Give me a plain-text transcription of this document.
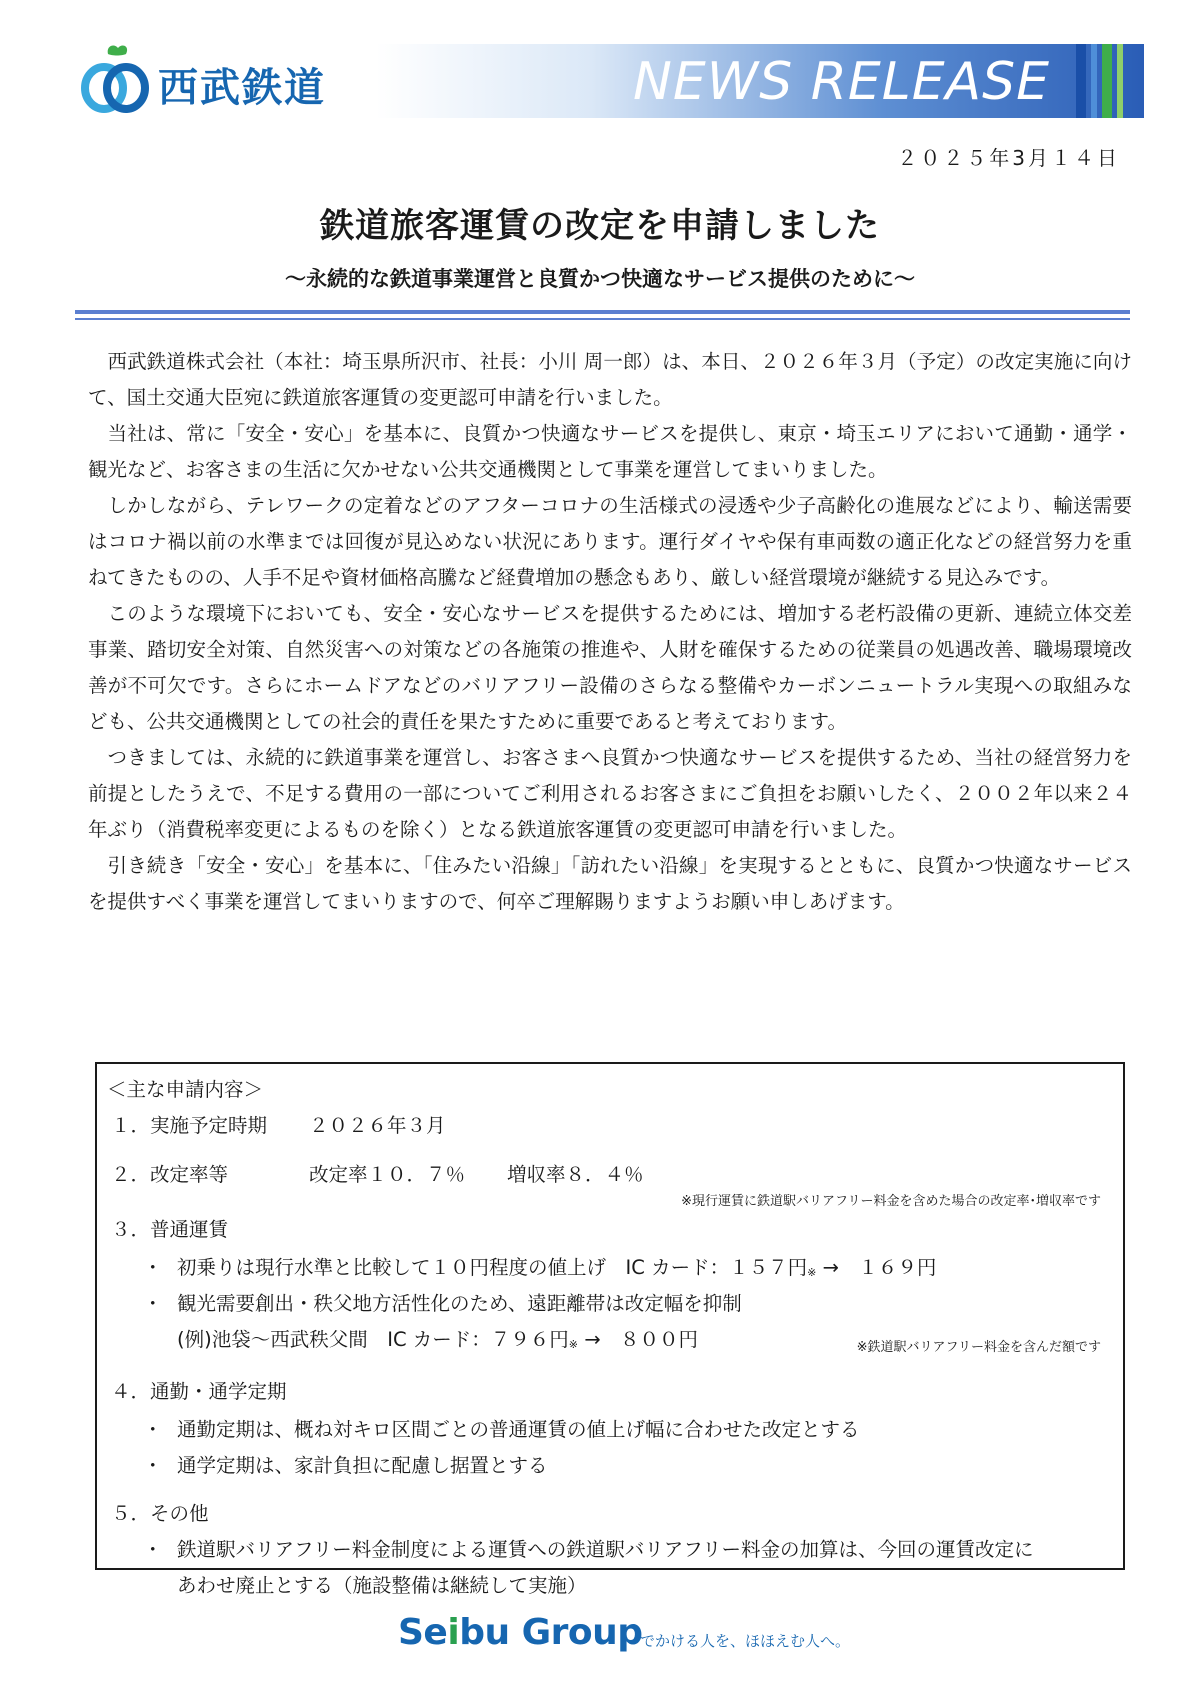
西武鉄道	NEWS RELEASE
２０２５年3月１４日
鉄道旅客運賃の改定を申請しました
～永続的な鉄道事業運営と良質かつ快適なサービス提供のために～

西武鉄道株式会社（本社：埼玉県所沢市、社長：小川 周一郎）は、本日、２０２６年３月（予定）の改定実施に向けて、国土交通大臣宛に鉄道旅客運賃の変更認可申請を行いました。

当社は、常に「安全・安心」を基本に、良質かつ快適なサービスを提供し、東京・埼玉エリアにおいて通勤・通学・観光など、お客さまの生活に欠かせない公共交通機関として事業を運営してまいりました。

しかしながら、テレワークの定着などのアフターコロナの生活様式の浸透や少子高齢化の進展などにより、輸送需要はコロナ禍以前の水準までは回復が見込めない状況にあります。運行ダイヤや保有車両数の適正化などの経営努力を重ねてきたものの、人手不足や資材価格高騰など経費増加の懸念もあり、厳しい経営環境が継続する見込みです。

このような環境下においても、安全・安心なサービスを提供するためには、増加する老朽設備の更新、連続立体交差事業、踏切安全対策、自然災害への対策などの各施策の推進や、人財を確保するための従業員の処遇改善、職場環境改善が不可欠です。さらにホームドアなどのバリアフリー設備のさらなる整備やカーボンニュートラル実現への取組みなども、公共交通機関としての社会的責任を果たすために重要であると考えております。

つきましては、永続的に鉄道事業を運営し、お客さまへ良質かつ快適なサービスを提供するため、当社の経営努力を前提としたうえで、不足する費用の一部についてご利用されるお客さまにご負担をお願いしたく、２００２年以来２４年ぶり（消費税率変更によるものを除く）となる鉄道旅客運賃の変更認可申請を行いました。

引き続き「安全・安心」を基本に、「住みたい沿線」「訪れたい沿線」を実現するとともに、良質かつ快適なサービスを提供すべく事業を運営してまいりますので、何卒ご理解賜りますようお願い申しあげます。

＜主な申請内容＞
１．実施予定時期 ２０２６年３月
２．改定率等	改定率１０．７％ 増収率８．４％
※現行運賃に鉄道駅バリアフリー料金を含めた場合の改定率･増収率です
３．普通運賃
・ 初乗りは現行水準と比較して１０円程度の値上げ　IC カード：１５７円$_※$ →　１６９円
・ 観光需要創出・秩父地方活性化のため、遠距離帯は改定幅を抑制
(例)池袋～西武秩父間　IC カード：７９６円$_※$ →　８００円	※鉄道駅バリアフリー料金を含んだ額です
４．通勤・通学定期
・ 通勤定期は、概ね対キロ区間ごとの普通運賃の値上げ幅に合わせた改定とする
・ 通学定期は、家計負担に配慮し据置とする
５．その他
・ 鉄道駅バリアフリー料金制度による運賃への鉄道駅バリアフリー料金の加算は、今回の運賃改定に
あわせ廃止とする（施設整備は継続して実施）
Seibu Group
でかける人を、ほほえむ人へ。
